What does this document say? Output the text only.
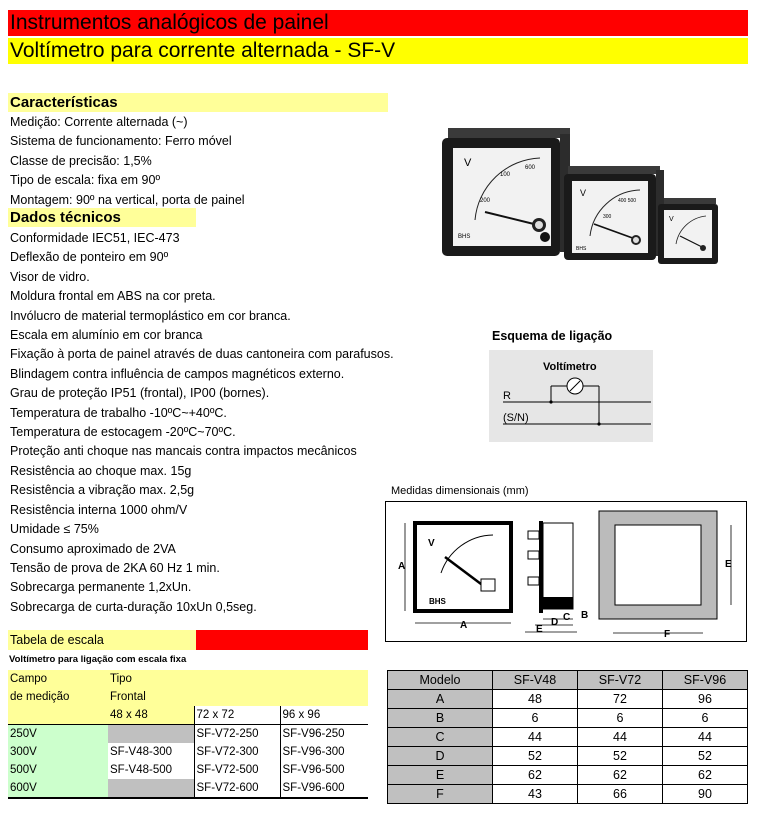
Instrumentos analógicos de painel
Voltímetro para corrente alternada - SF-V
Características
Medição: Corrente alternada (~)
Sistema de funcionamento: Ferro móvel
Classe de precisão: 1,5%
Tipo de escala: fixa em 90º
Montagem: 90º na vertical, porta de painel
Dados técnicos
Conformidade IEC51, IEC-473
Deflexão de ponteiro em 90º
Visor de vidro.
Moldura frontal em ABS na cor preta.
Invólucro de material termoplástico em cor branca.
Escala em alumínio em cor branca
Fixação à porta de painel através de duas cantoneira com parafusos.
Blindagem contra influência de campos magnéticos externo.
Grau de proteção IP51 (frontal), IP00 (bornes).
Temperatura de trabalho -10ºC~+40ºC.
Temperatura de estocagem -20ºC~70ºC.
Proteção anti choque nas mancais contra impactos mecânicos
Resistência ao choque max. 15g
Resistência a vibração max. 2,5g
Resistência interna 1000 ohm/V
Umidade ≤ 75%
Consumo aproximado de 2VA
Tensão de prova de 2KA 60 Hz 1 min.
Sobrecarga permanente 1,2xUn.
Sobrecarga de curta-duração 10xUn 0,5seg.
V
100
600
200
BHS
V
400 500
300
BHS
V
Esquema de ligação
Voltímetro
R
(S/N)
Medidas dimensionais (mm)
V
BHS
A
A
C B
D
E	F
E
Tabela de escala
Voltímetro para ligação com escala fixa
Campo	Tipo		
de medição	Frontal		
	48 x 48	72 x 72	96 x 96
250V		SF-V72-250	SF-V96-250
300V	SF-V48-300	SF-V72-300	SF-V96-300
500V	SF-V48-500	SF-V72-500	SF-V96-500
600V		SF-V72-600	SF-V96-600
Modelo	SF-V48	SF-V72	SF-V96
A	48	72	96
B	6	6	6
C	44	44	44
D	52	52	52
E	62	62	62
F	43	66	90
